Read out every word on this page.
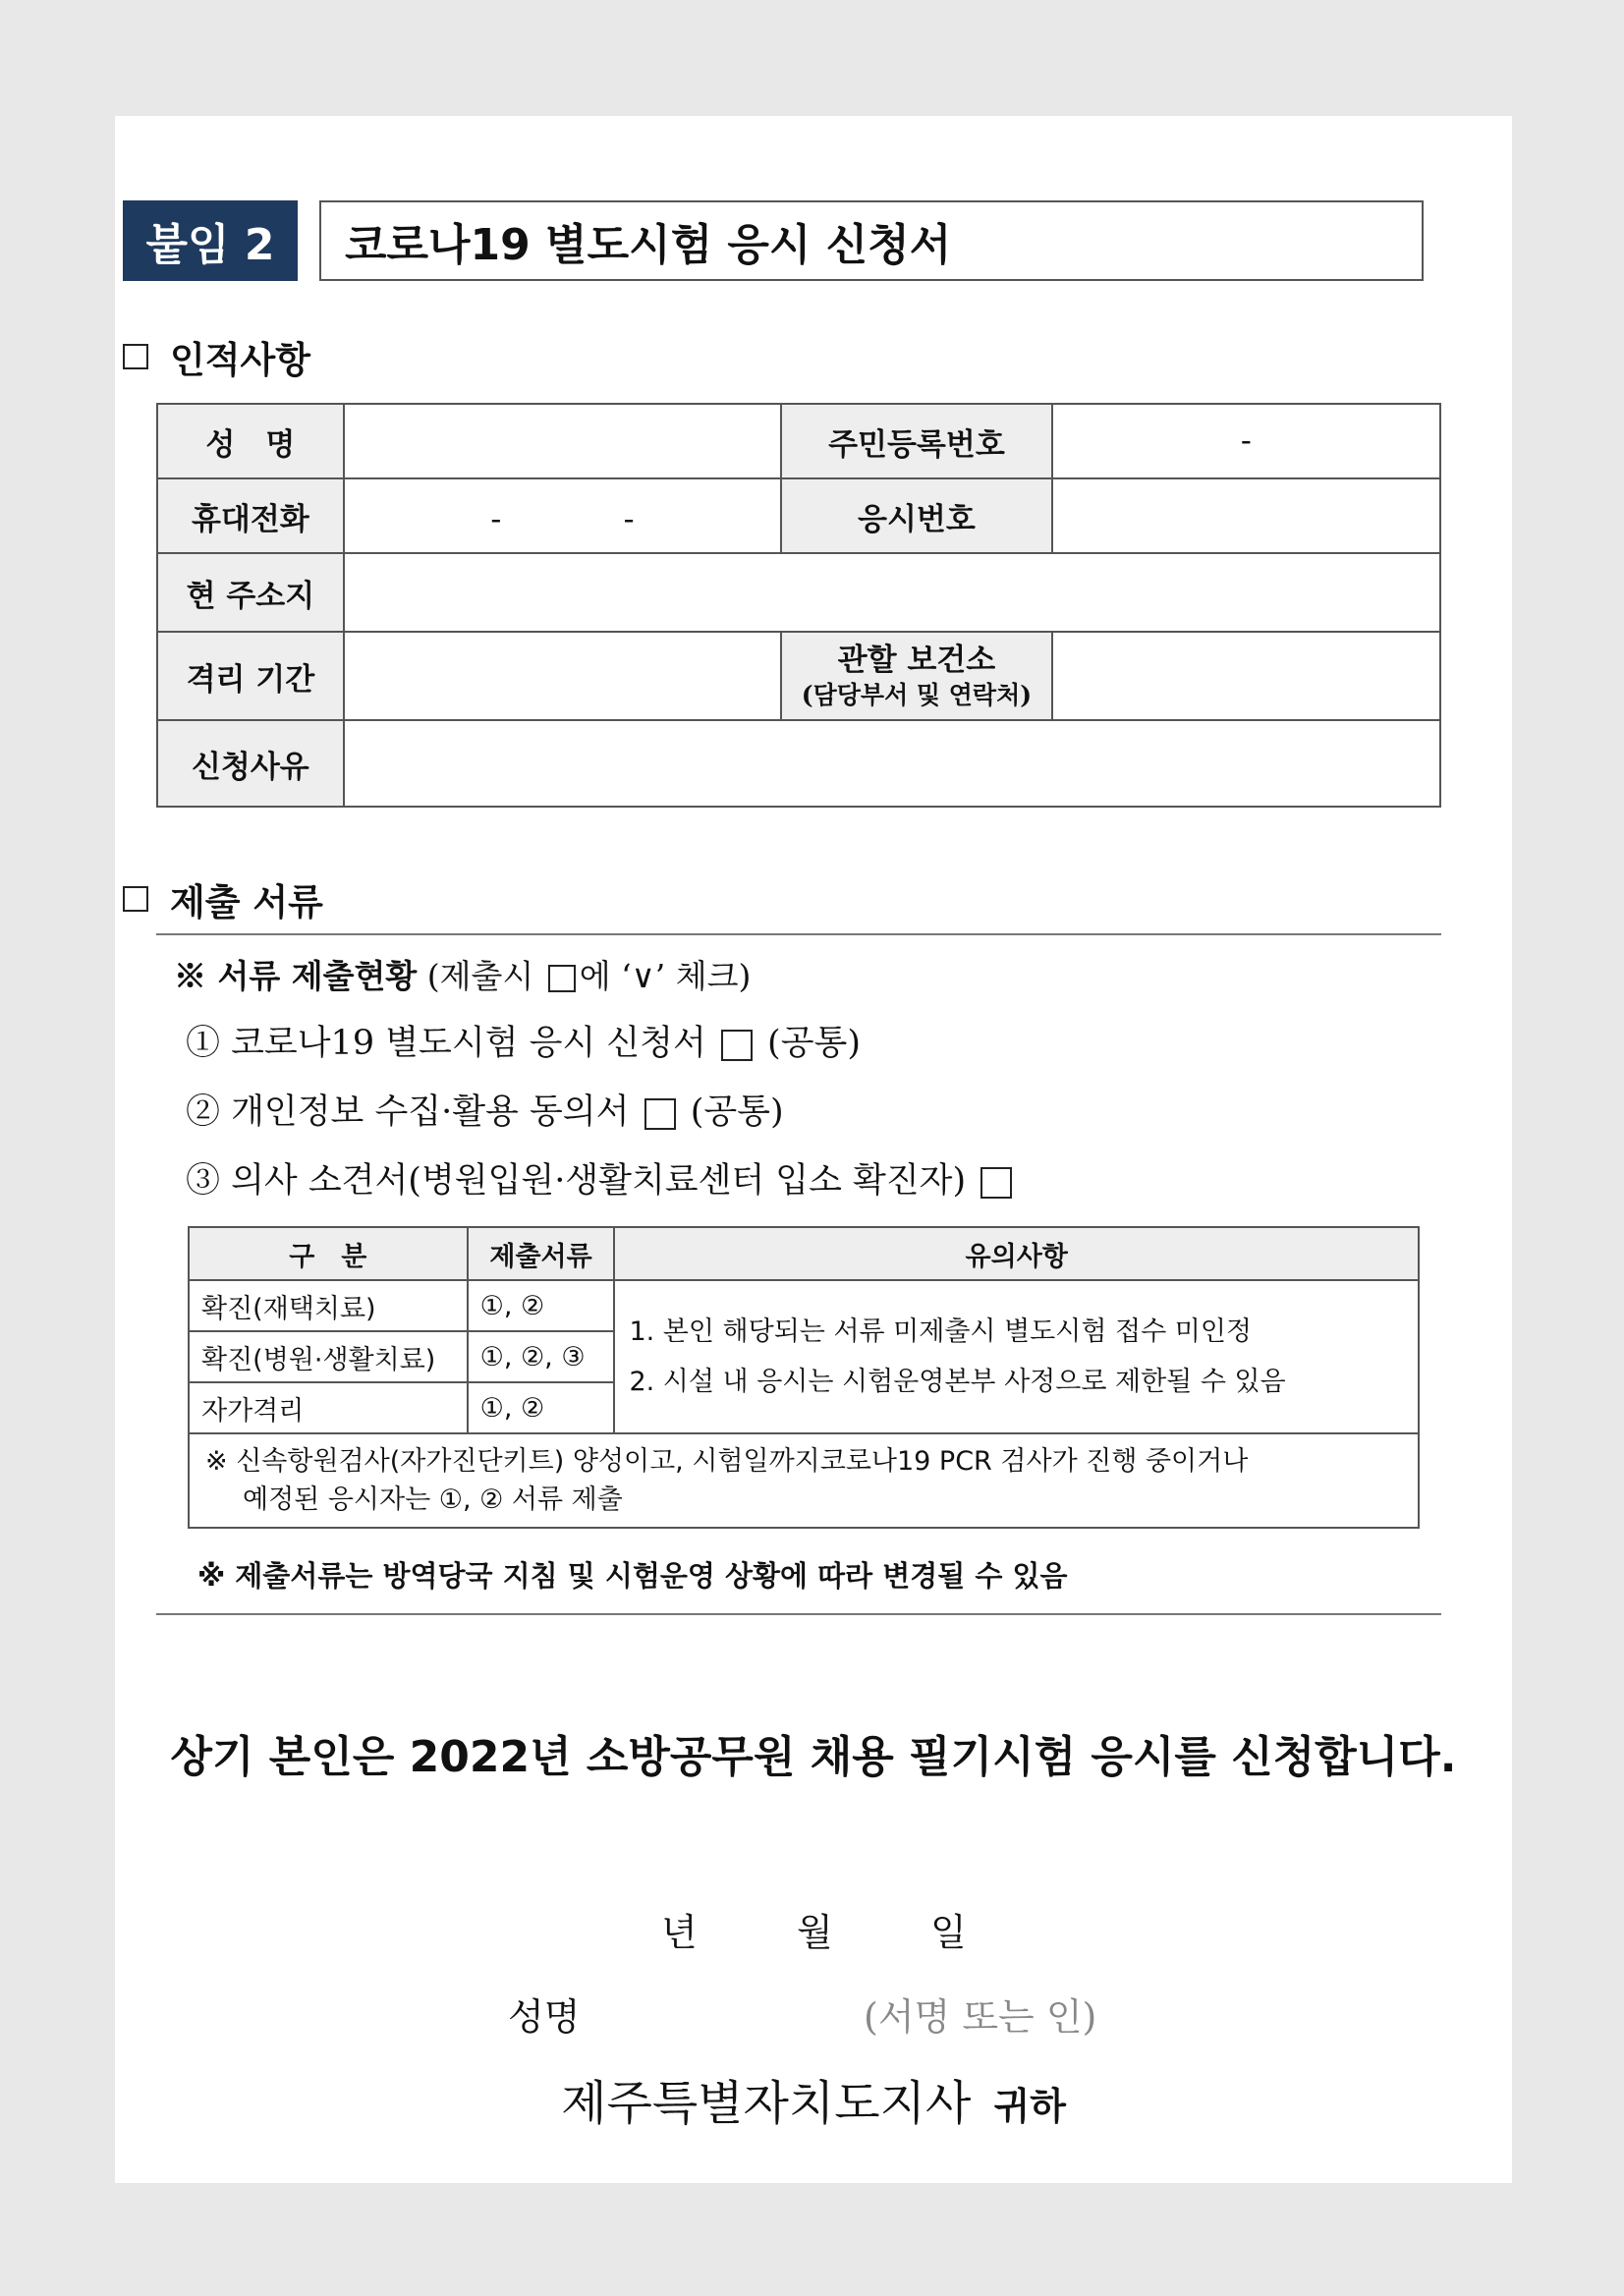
붙임 2	코로나19 별도시험 응시 신청서
인적사항
성　명		주민등록번호	-
휴대전화	-　　　　-	응시번호	
현 주소지			
격리 기간		관할 보건소
(담당부서 및 연락처)	

신청사유			
제출 서류
※ 서류 제출현황 (제출시 에 ‘∨’ 체크)
① 코로나19 별도시험 응시 신청서 (공통)
② 개인정보 수집·활용 동의서 (공통)
③ 의사 소견서(병원입원·생활치료센터 입소 확진자)
구　분	제출서류	유의사항
확진(재택치료)	①, ②	1. 본인 해당되는 서류 미제출시 별도시험 접수 미인정
2. 시설 내 응시는 시험운영본부 사정으로 제한될 수 있음

확진(병원·생활치료)	①, ②, ③	
자가격리	①, ②	

※ 신속항원검사(자가진단키트) 양성이고, 시험일까지코로나19 PCR 검사가 진행 중이거나
예정된 응시자는 ①, ② 서류 제출		
※ 제출서류는 방역당국 지침 및 시험운영 상황에 따라 변경될 수 있음
상기 본인은 2022년 소방공무원 채용 필기시험 응시를 신청합니다.
년	월	일
성명	(서명 또는 인)
제주특별자치도지사 귀하
